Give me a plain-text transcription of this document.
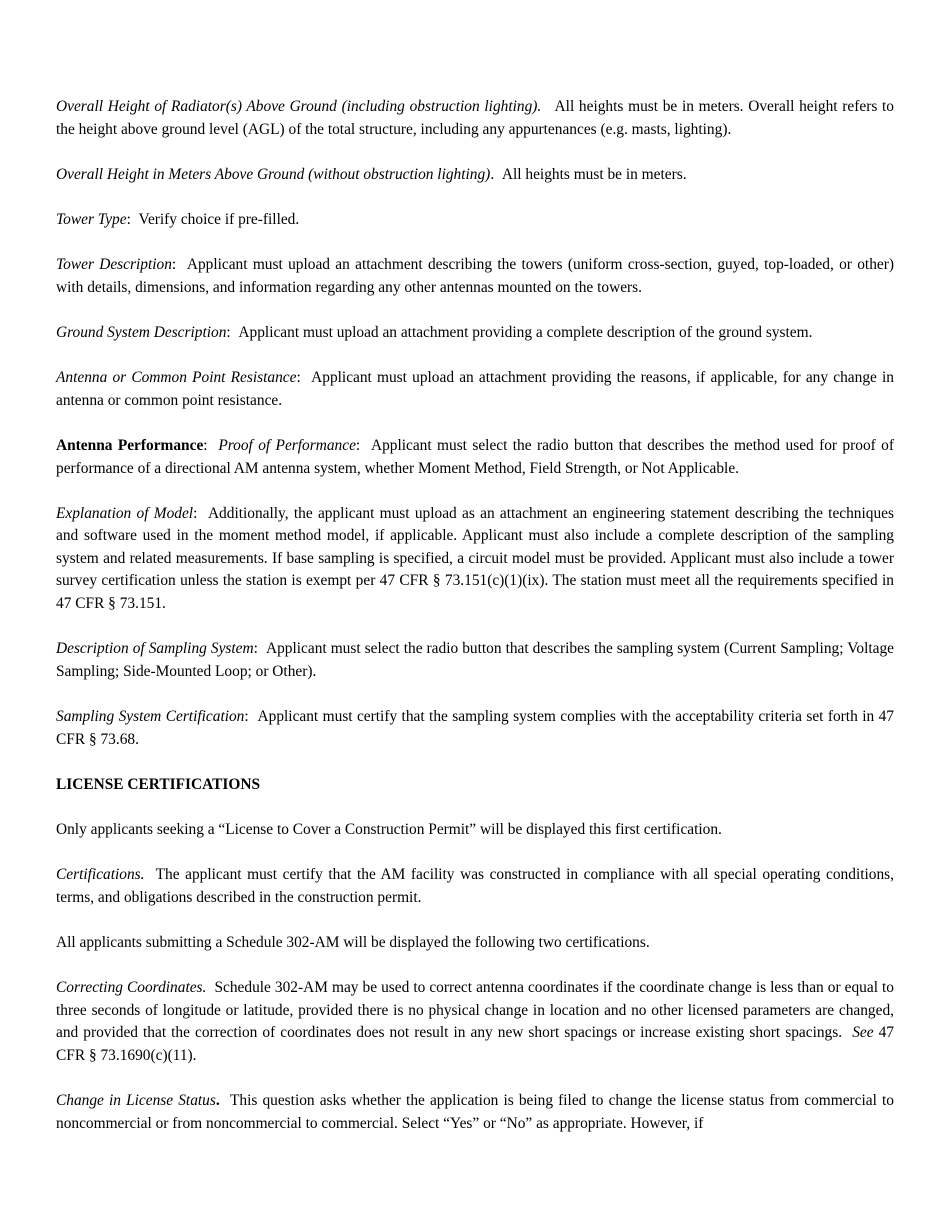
Overall Height of Radiator(s) Above Ground (including obstruction lighting). All heights must be in meters. Overall height refers to the height above ground level (AGL) of the total structure, including any appurtenances (e.g. masts, lighting).

Overall Height in Meters Above Ground (without obstruction lighting). All heights must be in meters.

Tower Type: Verify choice if pre-filled.

Tower Description: Applicant must upload an attachment describing the towers (uniform cross-section, guyed, top-loaded, or other) with details, dimensions, and information regarding any other antennas mounted on the towers.

Ground System Description: Applicant must upload an attachment providing a complete description of the ground system.

Antenna or Common Point Resistance: Applicant must upload an attachment providing the reasons, if applicable, for any change in antenna or common point resistance.

Antenna Performance: Proof of Performance: Applicant must select the radio button that describes the method used for proof of performance of a directional AM antenna system, whether Moment Method, Field Strength, or Not Applicable.

Explanation of Model: Additionally, the applicant must upload as an attachment an engineering statement describing the techniques and software used in the moment method model, if applicable. Applicant must also include a complete description of the sampling system and related measurements. If base sampling is specified, a circuit model must be provided. Applicant must also include a tower survey certification unless the station is exempt per 47 CFR § 73.151(c)(1)(ix). The station must meet all the requirements specified in 47 CFR § 73.151.

Description of Sampling System: Applicant must select the radio button that describes the sampling system (Current Sampling; Voltage Sampling; Side-Mounted Loop; or Other).

Sampling System Certification: Applicant must certify that the sampling system complies with the acceptability criteria set forth in 47 CFR § 73.68.

LICENSE CERTIFICATIONS

Only applicants seeking a “License to Cover a Construction Permit” will be displayed this first certification.

Certifications. The applicant must certify that the AM facility was constructed in compliance with all special operating conditions, terms, and obligations described in the construction permit.

All applicants submitting a Schedule 302-AM will be displayed the following two certifications.

Correcting Coordinates. Schedule 302-AM may be used to correct antenna coordinates if the coordinate change is less than or equal to three seconds of longitude or latitude, provided there is no physical change in location and no other licensed parameters are changed, and provided that the correction of coordinates does not result in any new short spacings or increase existing short spacings. See 47 CFR § 73.1690(c)(11).

Change in License Status. This question asks whether the application is being filed to change the license status from commercial to noncommercial or from noncommercial to commercial. Select “Yes” or “No” as appropriate. However, if
